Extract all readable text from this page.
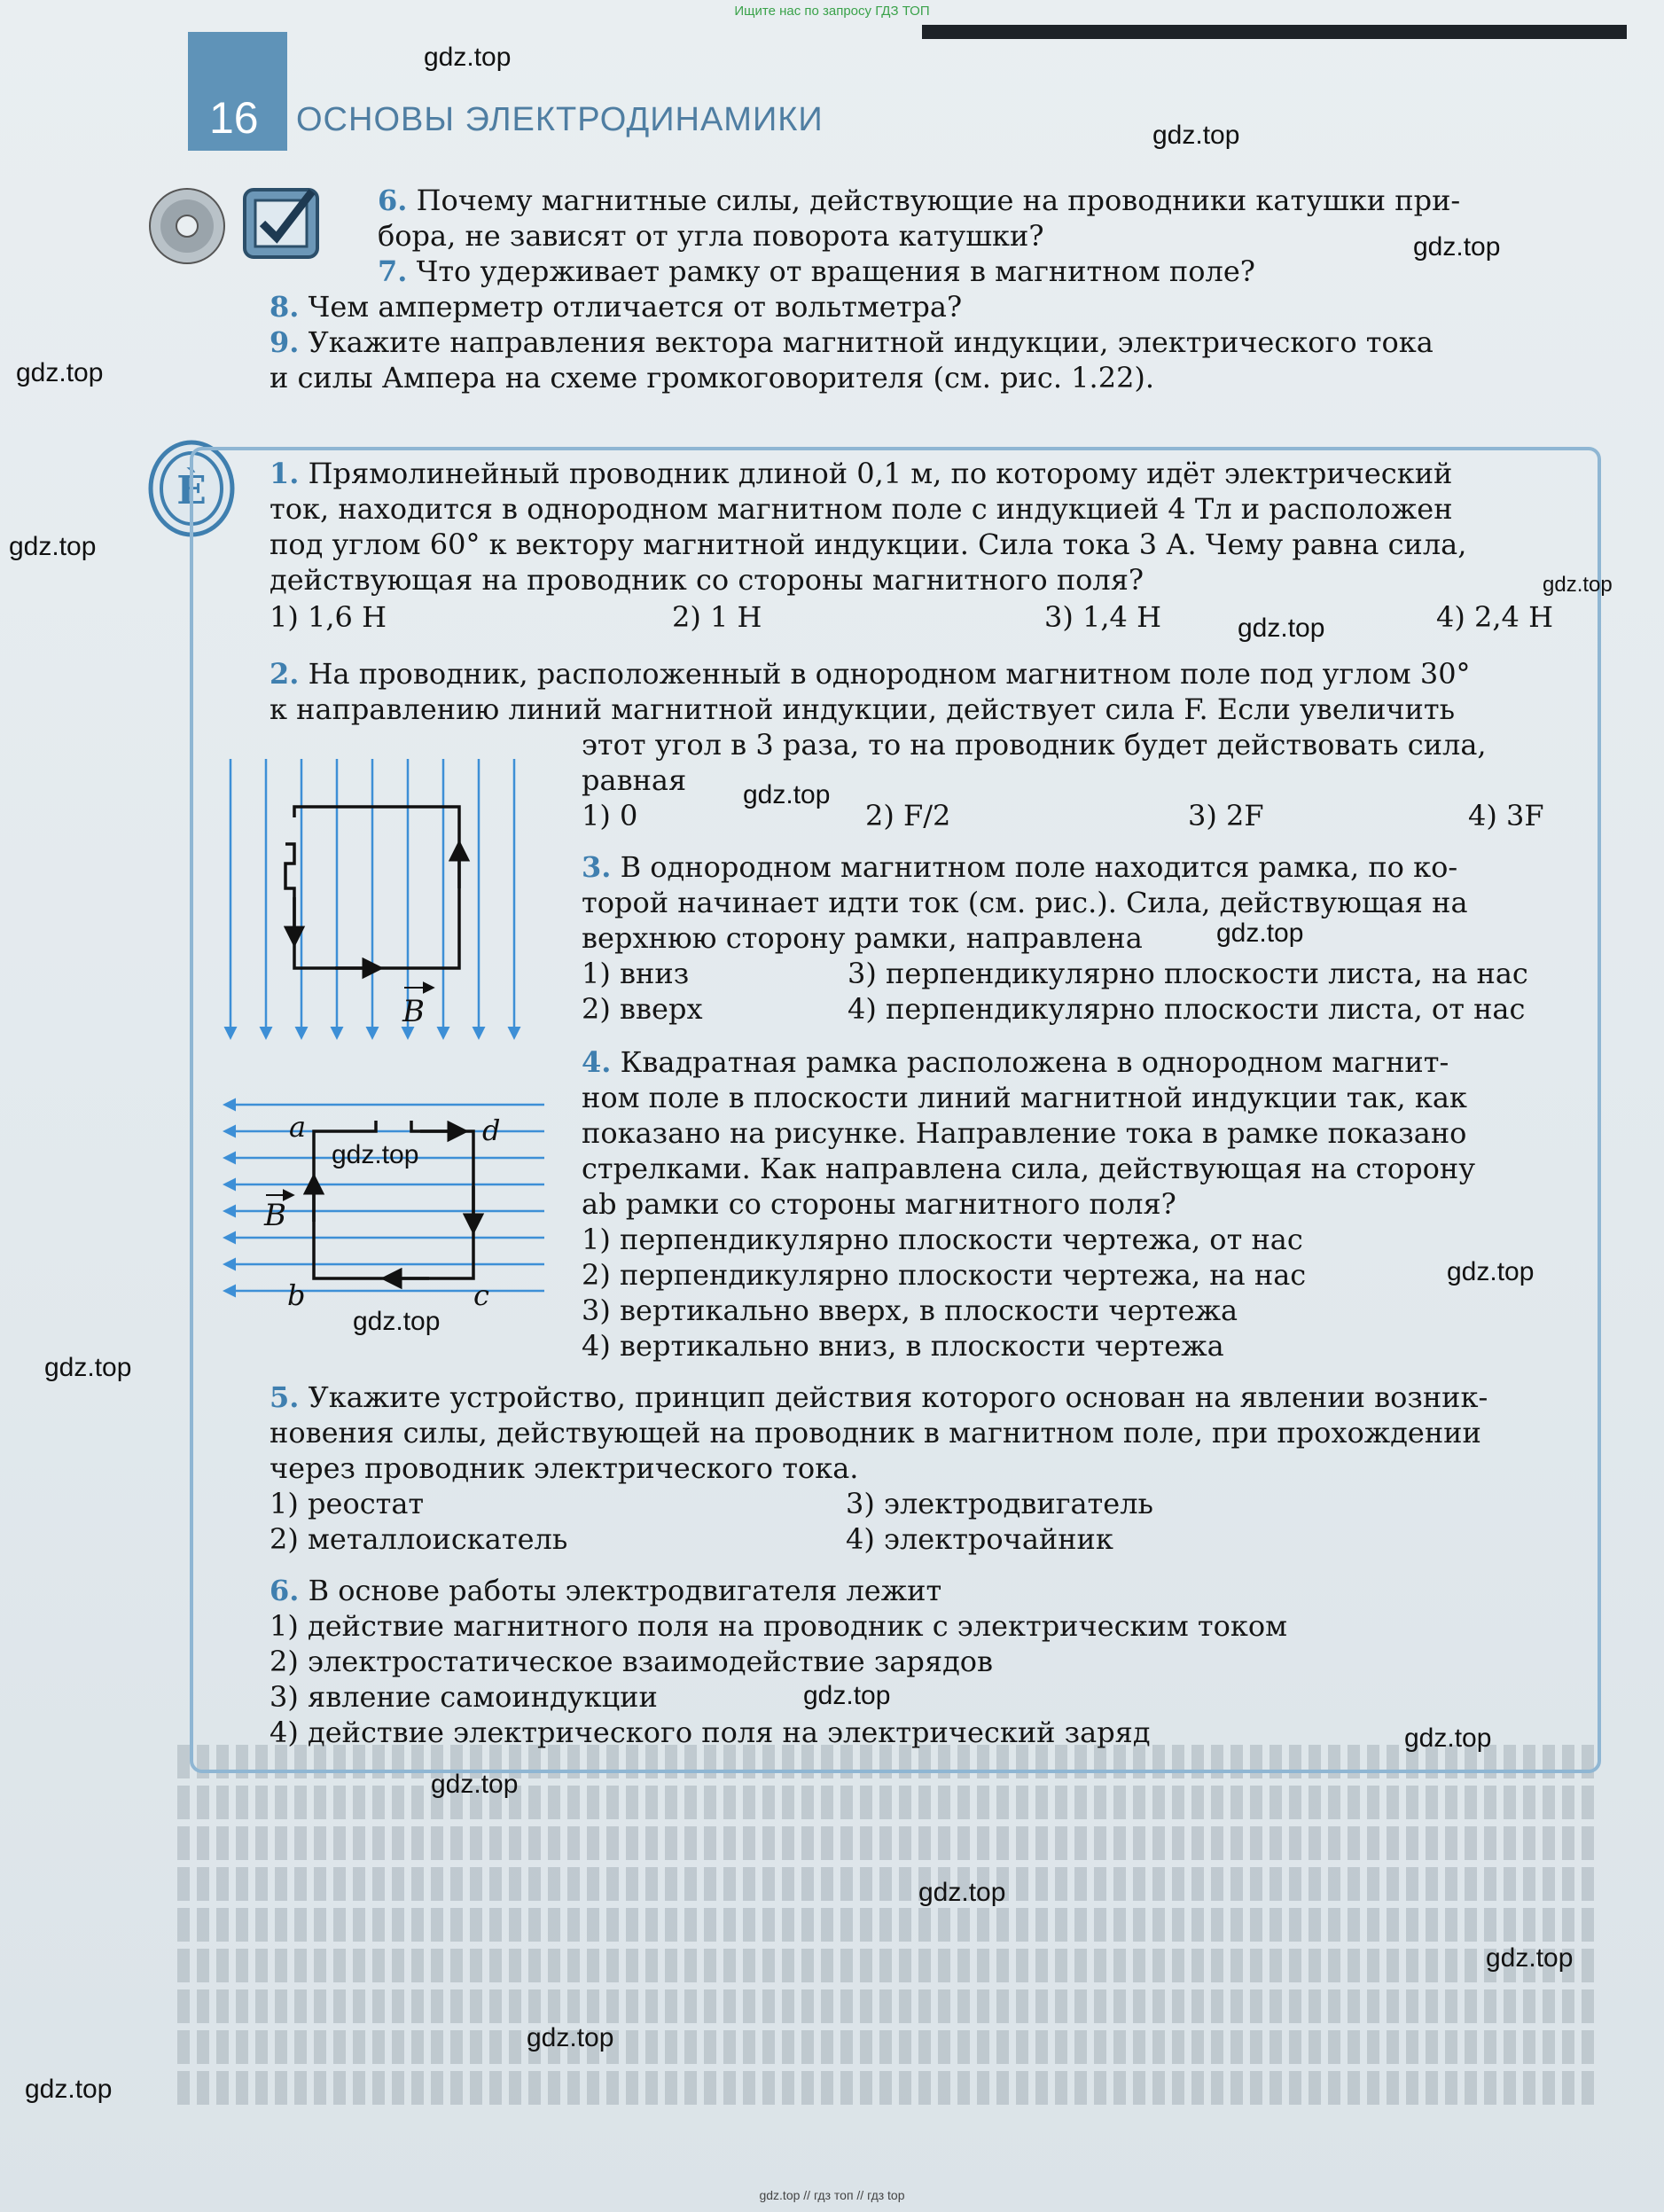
Ищите нас по запросу ГДЗ ТОП
16 ОСНОВЫ ЭЛЕКТРОДИНАМИКИ
Ѐ
6. Почему магнитные силы, действующие на проводники катушки при-
бора, не зависят от угла поворота катушки?
7. Что удерживает рамку от вращения в магнитном поле?
8. Чем амперметр отличается от вольтметра?
9. Укажите направления вектора магнитной индукции, электрического тока
и силы Ампера на схеме громкоговорителя (см. рис. 1.22).
1. Прямолинейный проводник длиной 0,1 м, по которому идёт электрический
ток, находится в однородном магнитном поле с индукцией 4 Тл и расположен
под углом 60° к вектору магнитной индукции. Сила тока 3 А. Чему равна сила,
действующая на проводник со стороны магнитного поля?
1) 1,6 Н	2) 1 Н	3) 1,4 Н	4) 2,4 Н
2. На проводник, расположенный в однородном магнитном поле под углом 30°
к направлению линий магнитной индукции, действует сила F. Если увеличить
этот угол в 3 раза, то на проводник будет действовать сила,
равная
1) 0	2) F/2	3) 2F	4) 3F
3. В однородном магнитном поле находится рамка, по ко-
торой начинает идти ток (см. рис.). Сила, действующая на
верхнюю сторону рамки, направлена
1) вниз
2) вверх
3) перпендикулярно плоскости листа, на нас
4) перпендикулярно плоскости листа, от нас
4. Квадратная рамка расположена в однородном магнит-
ном поле в плоскости линий магнитной индукции так, как
показано на рисунке. Направление тока в рамке показано
стрелками. Как направлена сила, действующая на сторону
ab рамки со стороны магнитного поля?
1) перпендикулярно плоскости чертежа, от нас
2) перпендикулярно плоскости чертежа, на нас
3) вертикально вверх, в плоскости чертежа
4) вертикально вниз, в плоскости чертежа
5. Укажите устройство, принцип действия которого основан на явлении возник-
новения силы, действующей на проводник в магнитном поле, при прохождении
через проводник электрического тока.
1) реостат
2) металлоискатель
3) электродвигатель
4) электрочайник
6. В основе работы электродвигателя лежит
1) действие магнитного поля на проводник с электрическим током
2) электростатическое взаимодействие зарядов
3) явление самоиндукции
4) действие электрического поля на электрический заряд
B
a	d
b	c
B
gdz.top
gdz.top
gdz.top
gdz.top
gdz.top
gdz.top
gdz.top
gdz.top
gdz.top
gdz.top
gdz.top
gdz.top
gdz.top
gdz.top
gdz.top
gdz.top
gdz.top
gdz.top
gdz.top
gdz.top
gdz.top // гдз топ // гдз top
